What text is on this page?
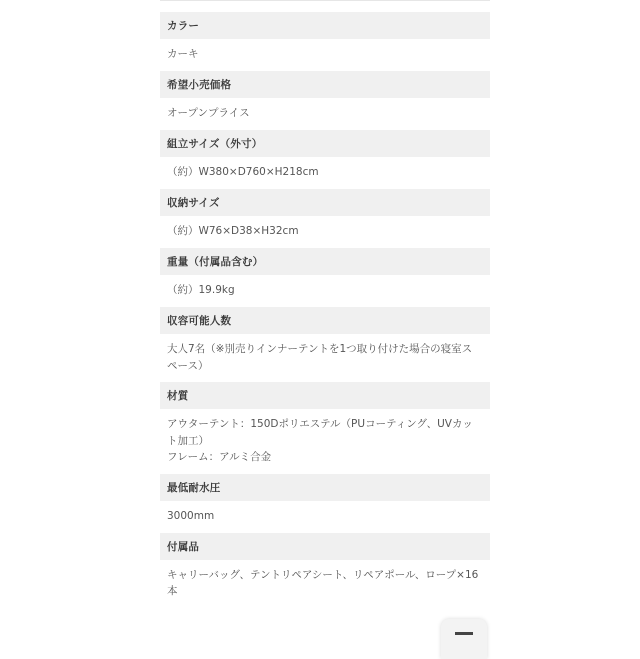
カラー
カーキ
希望小売価格
オープンプライス
組立サイズ（外寸）
（約）W380×D760×H218cm
収納サイズ
（約）W76×D38×H32cm
重量（付属品含む）
（約）19.9kg
収容可能人数
大人7名（※別売りインナーテントを1つ取り付けた場合の寝室ス
ペース）
材質
アウターテント：150Dポリエステル（PUコーティング、UVカッ
ト加工）
フレーム：アルミ合金
最低耐水圧
3000mm
付属品
キャリーバッグ、テントリペアシート、リペアポール、ロープ×16
本
